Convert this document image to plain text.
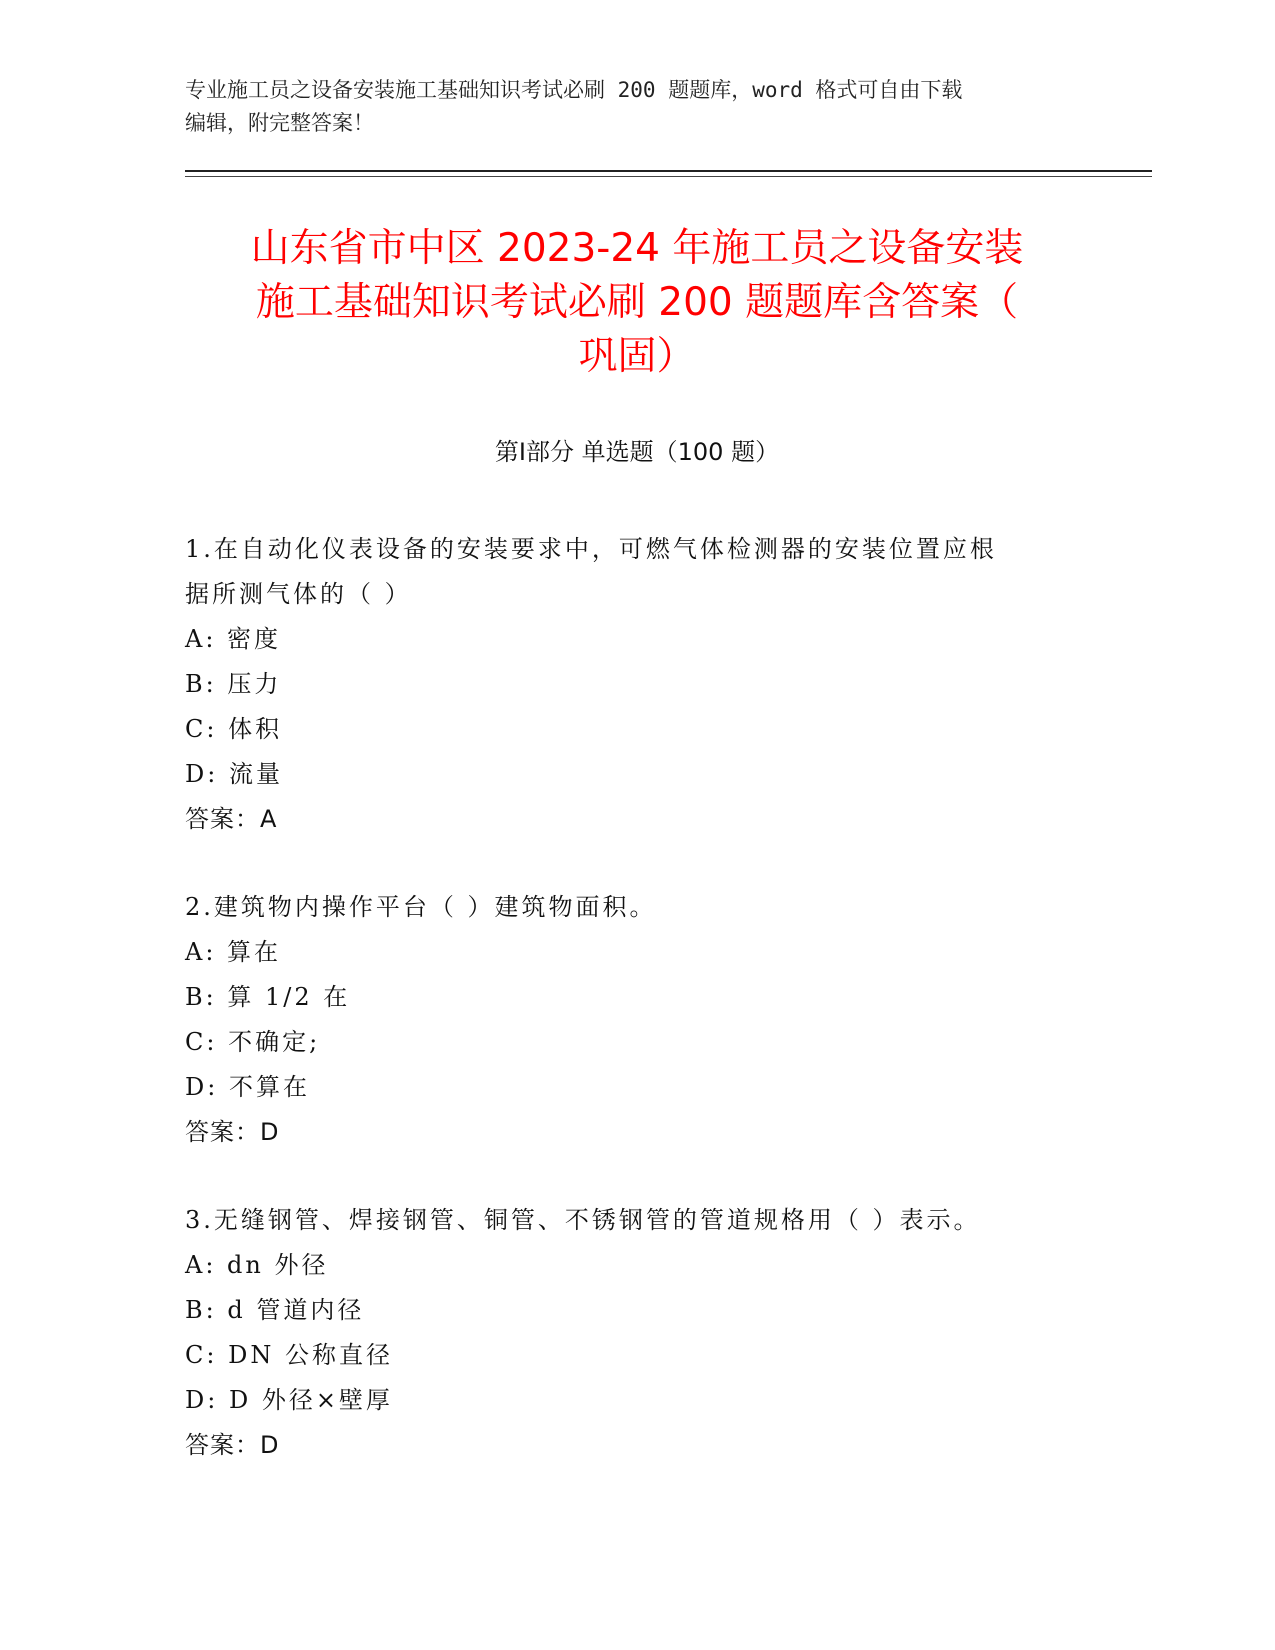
专业施工员之设备安装施工基础知识考试必刷 200 题题库，word 格式可自由下载
编辑，附完整答案！
山东省市中区 2023-24 年施工员之设备安装
施工基础知识考试必刷 200 题题库含答案（
巩固）
第Ⅰ部分 单选题（100 题）
1.在自动化仪表设备的安装要求中，可燃气体检测器的安装位置应根
据所测气体的（ ）
A: 密度
B: 压力
C: 体积
D: 流量
答案：A
2.建筑物内操作平台（ ）建筑物面积。
A: 算在
B: 算 1/2 在
C: 不确定;
D: 不算在
答案：D
3.无缝钢管、焊接钢管、铜管、不锈钢管的管道规格用（ ）表示。
A: dn 外径
B: d 管道内径
C: DN 公称直径
D: D 外径×壁厚
答案：D
